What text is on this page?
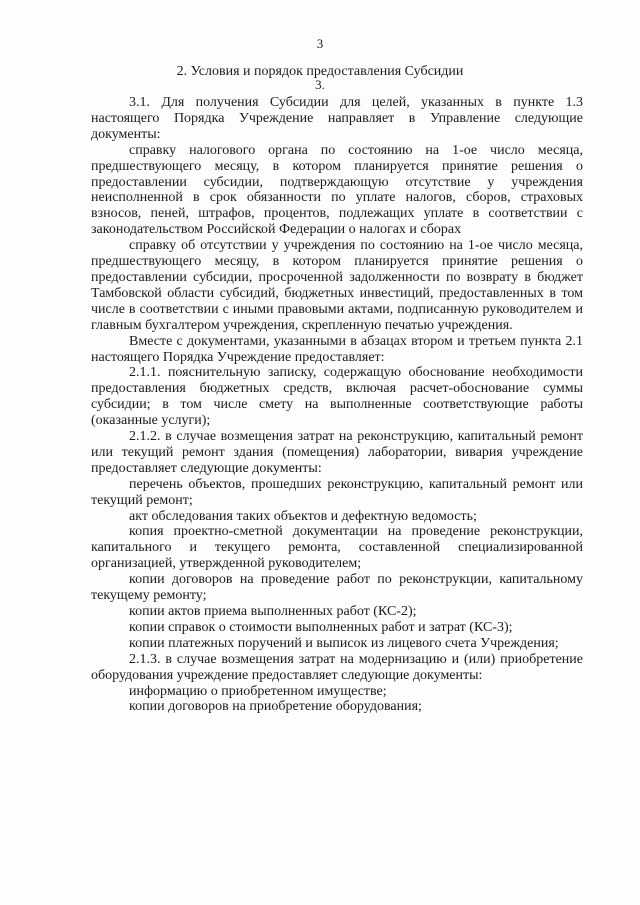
3
2. Условия и порядок предоставления Субсидии
3.

3.1. Для получения Субсидии для целей, указанных в пункте 1.3 настоящего Порядка Учреждение направляет в Управление следующие документы:

справку налогового органа по состоянию на 1-ое число месяца, предшествующего месяцу, в котором планируется принятие решения о предоставлении субсидии, подтверждающую отсутствие у учреждения неисполненной в срок обязанности по уплате налогов, сборов, страховых взносов, пеней, штрафов, процентов, подлежащих уплате в соответствии с законодательством Российской Федерации о налогах и сборах

справку об отсутствии у учреждения по состоянию на 1-ое число месяца, предшествующего месяцу, в котором планируется принятие решения о предоставлении субсидии, просроченной задолженности по возврату в бюджет Тамбовской области субсидий, бюджетных инвестиций, предоставленных в том числе в соответствии с иными правовыми актами, подписанную руководителем и главным бухгалтером учреждения, скрепленную печатью учреждения.

Вместе с документами, указанными в абзацах втором и третьем пункта 2.1 настоящего Порядка Учреждение предоставляет:

2.1.1. пояснительную записку, содержащую обоснование необходимости предоставления бюджетных средств, включая расчет-обоснование суммы субсидии; в том числе смету на выполненные соответствующие работы (оказанные услуги);

2.1.2. в случае возмещения затрат на реконструкцию, капитальный ремонт или текущий ремонт здания (помещения) лаборатории, вивария учреждение предоставляет следующие документы:

перечень объектов, прошедших реконструкцию, капитальный ремонт или текущий ремонт;

акт обследования таких объектов и дефектную ведомость;

копия проектно-сметной документации на проведение реконструкции, капитального и текущего ремонта, составленной специализированной организацией, утвержденной руководителем;

копии договоров на проведение работ по реконструкции, капитальному текущему ремонту;

копии актов приема выполненных работ (КС-2);

копии справок о стоимости выполненных работ и затрат (КС-3);

копии платежных поручений и выписок из лицевого счета Учреждения;

2.1.3. в случае возмещения затрат на модернизацию и (или) приобретение оборудования учреждение предоставляет следующие документы:

информацию о приобретенном имуществе;

копии договоров на приобретение оборудования;
